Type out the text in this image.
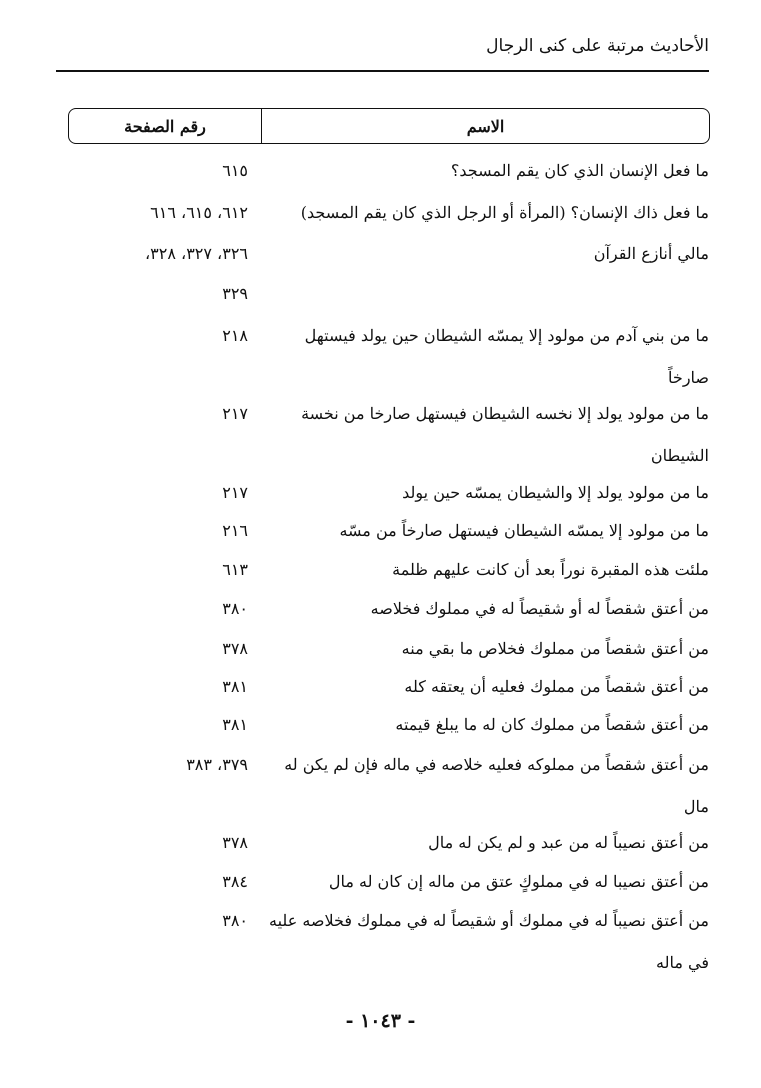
الأحاديث مرتبة على كنى الرجال
رقم الصفحة	الاسم
ما فعل الإنسان الذي كان يقم المسجد؟
٦١٥
ما فعل ذاك الإنسان؟ (المرأة أو الرجل الذي كان يقم المسجد)
٦١٢، ٦١٥، ٦١٦
مالي أنازع القرآن
٣٢٦، ٣٢٧، ٣٢٨،
٣٢٩
ما من بني آدم من مولود إلا يمسّه الشيطان حين يولد فيستهل
صارخاً
٢١٨
ما من مولود يولد إلا نخسه الشيطان فيستهل صارخا من نخسة
الشيطان
٢١٧
ما من مولود يولد إلا والشيطان يمسّه حين يولد
٢١٧
ما من مولود إلا يمسّه الشيطان فيستهل صارخاً من مسّه
٢١٦
ملئت هذه المقبرة نوراً بعد أن كانت عليهم ظلمة
٦١٣
من أعتق شقصاً له أو شقيصاً له في مملوك فخلاصه
٣٨٠
من أعتق شقصاً من مملوك فخلاص ما بقي منه
٣٧٨
من أعتق شقصاً من مملوك فعليه أن يعتقه كله
٣٨١
من أعتق شقصاً من مملوك كان له ما يبلغ قيمته
٣٨١
من أعتق شقصاً من مملوكه فعليه خلاصه في ماله فإن لم يكن له
مال
٣٧٩، ٣٨٣
من أعتق نصيباً له من عبد و لم يكن له مال
٣٧٨
من أعتق نصيبا له في مملوكٍ عتق من ماله إن كان له مال
٣٨٤
من أعتق نصيباً له في مملوك أو شقيصاً له في مملوك فخلاصه عليه
في ماله
٣٨٠
- ١٠٤٣ -
